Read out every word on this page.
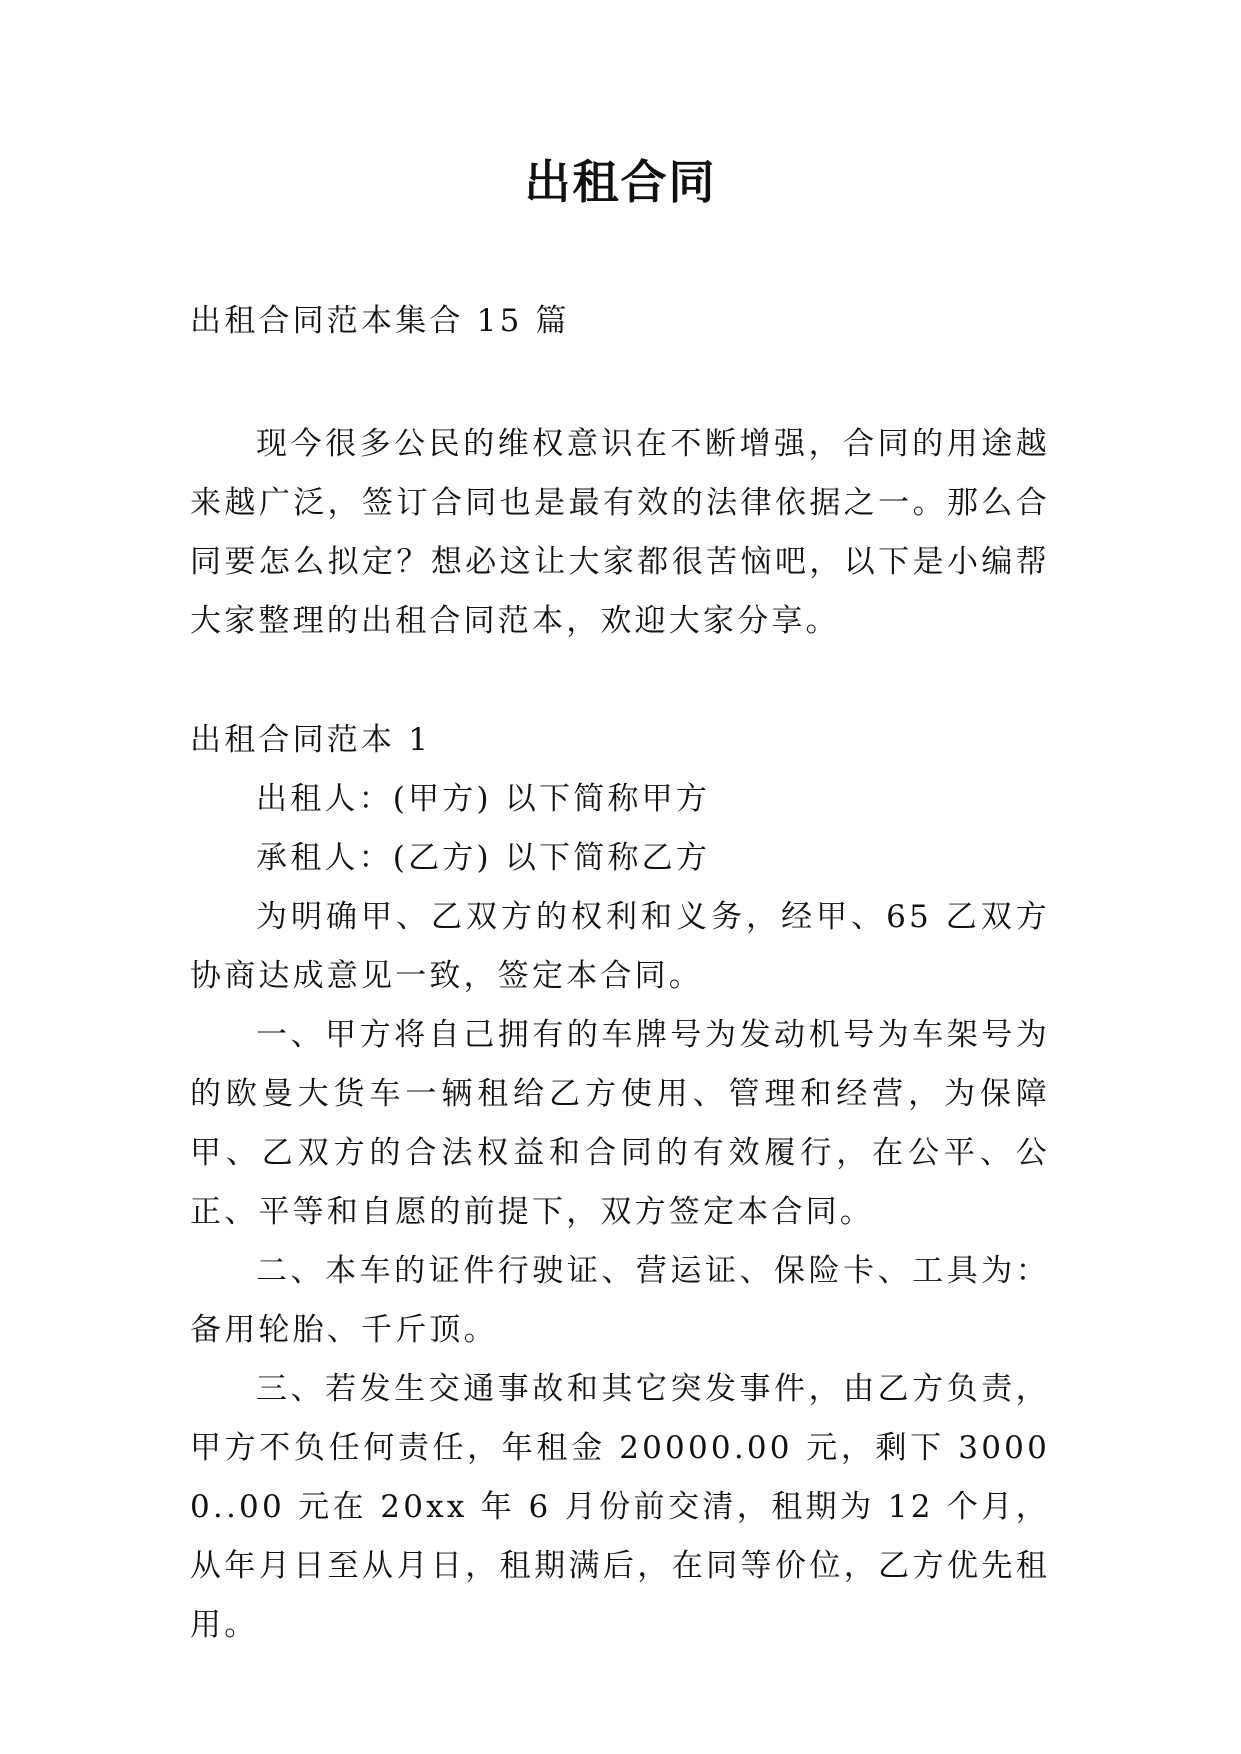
出租合同

出租合同范本集合 15 篇

现今很多公民的维权意识在不断增强，合同的用途越来越广泛，签订合同也是最有效的法律依据之一。那么合同要怎么拟定？想必这让大家都很苦恼吧，以下是小编帮大家整理的出租合同范本，欢迎大家分享。

出租合同范本 1

出租人：(甲方) 以下简称甲方

承租人：(乙方) 以下简称乙方

为明确甲、乙双方的权利和义务，经甲、65 乙双方协商达成意见一致，签定本合同。

一、甲方将自己拥有的车牌号为发动机号为车架号为的欧曼大货车一辆租给乙方使用、管理和经营，为保障甲、乙双方的合法权益和合同的有效履行，在公平、公正、平等和自愿的前提下，双方签定本合同。

二、本车的证件行驶证、营运证、保险卡、工具为：备用轮胎、千斤顶。

三、若发生交通事故和其它突发事件，由乙方负责，甲方不负任何责任，年租金 20000.00 元，剩下 30000..00 元在 20xx 年 6 月份前交清，租期为 12 个月，从年月日至从月日，租期满后，在同等价位，乙方优先租用。
